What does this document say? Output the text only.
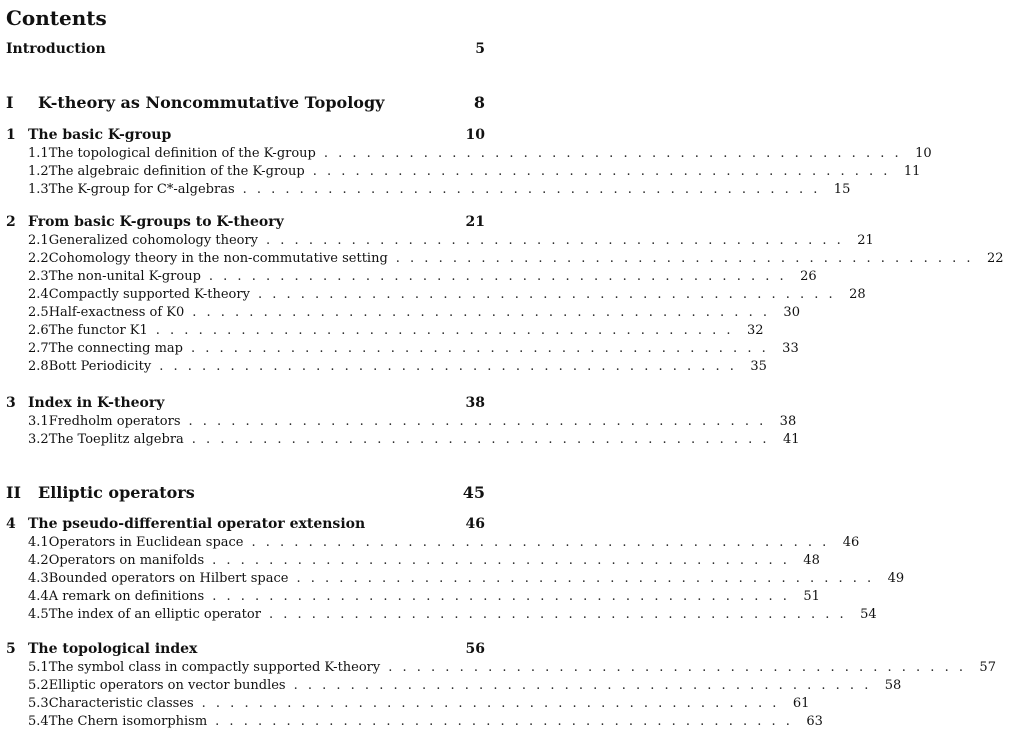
Contents
Introduction	5
I	K-theory as Noncommutative Topology	8
1 The basic K-group	10
1.1 The topological definition of the K-group . . . . . . . . . . . . . . . . . . . . . . . . . . . . . . . . . . . . . . . . .	10
1.2 The algebraic definition of the K-group . . . . . . . . . . . . . . . . . . . . . . . . . . . . . . . . . . . . . . . . .	11
1.3 The K-group for C*-algebras . . . . . . . . . . . . . . . . . . . . . . . . . . . . . . . . . . . . . . . . .	15
2 From basic K-groups to K-theory	21
2.1 Generalized cohomology theory . . . . . . . . . . . . . . . . . . . . . . . . . . . . . . . . . . . . . . . . .	21
2.2 Cohomology theory in the non-commutative setting . . . . . . . . . . . . . . . . . . . . . . . . . . . . . . . . . . . . . . . . .	22
2.3 The non-unital K-group . . . . . . . . . . . . . . . . . . . . . . . . . . . . . . . . . . . . . . . . .	26
2.4 Compactly supported K-theory . . . . . . . . . . . . . . . . . . . . . . . . . . . . . . . . . . . . . . . . .	28
2.5 Half-exactness of K0 . . . . . . . . . . . . . . . . . . . . . . . . . . . . . . . . . . . . . . . . .	30
2.6 The functor K1 . . . . . . . . . . . . . . . . . . . . . . . . . . . . . . . . . . . . . . . . .	32
2.7 The connecting map . . . . . . . . . . . . . . . . . . . . . . . . . . . . . . . . . . . . . . . . .	33
2.8 Bott Periodicity . . . . . . . . . . . . . . . . . . . . . . . . . . . . . . . . . . . . . . . . .	35
3 Index in K-theory	38
3.1 Fredholm operators . . . . . . . . . . . . . . . . . . . . . . . . . . . . . . . . . . . . . . . . .	38
3.2 The Toeplitz algebra . . . . . . . . . . . . . . . . . . . . . . . . . . . . . . . . . . . . . . . . .	41
II	Elliptic operators	45
4 The pseudo-differential operator extension	46
4.1 Operators in Euclidean space . . . . . . . . . . . . . . . . . . . . . . . . . . . . . . . . . . . . . . . . .	46
4.2 Operators on manifolds . . . . . . . . . . . . . . . . . . . . . . . . . . . . . . . . . . . . . . . . .	48
4.3 Bounded operators on Hilbert space . . . . . . . . . . . . . . . . . . . . . . . . . . . . . . . . . . . . . . . . .	49
4.4 A remark on definitions . . . . . . . . . . . . . . . . . . . . . . . . . . . . . . . . . . . . . . . . .	51
4.5 The index of an elliptic operator . . . . . . . . . . . . . . . . . . . . . . . . . . . . . . . . . . . . . . . . .	54
5 The topological index	56
5.1 The symbol class in compactly supported K-theory . . . . . . . . . . . . . . . . . . . . . . . . . . . . . . . . . . . . . . . . .	57
5.2 Elliptic operators on vector bundles . . . . . . . . . . . . . . . . . . . . . . . . . . . . . . . . . . . . . . . . .	58
5.3 Characteristic classes . . . . . . . . . . . . . . . . . . . . . . . . . . . . . . . . . . . . . . . . .	61
5.4 The Chern isomorphism . . . . . . . . . . . . . . . . . . . . . . . . . . . . . . . . . . . . . . . . .	63
